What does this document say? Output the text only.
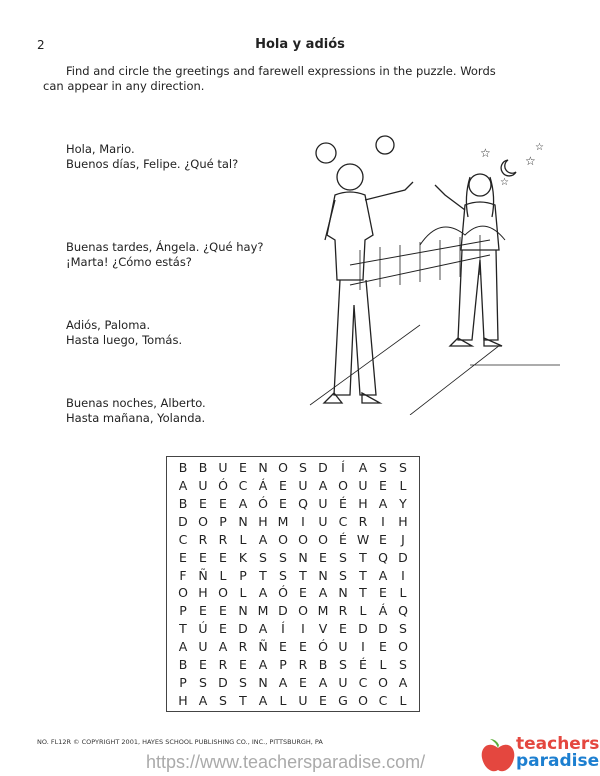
2	Hola y adiós
Find and circle the greetings and farewell expressions in the puzzle. Words can appear in any direction.
Hola, Mario.
Buenos días, Felipe. ¿Qué tal?
Buenas tardes, Ángela. ¿Qué hay?
¡Marta! ¿Cómo estás?
Adiós, Paloma.
Hasta luego, Tomás.
Buenas noches, Alberto.
Hasta mañana, Yolanda.
☆
☆
☆
☆
B B U E N O S D	Í	A S S
A U Ó C Á E U A O U E	L
B E E A Ó E Q U É H A Y
D O P N H M	I	U C R	I	H
C R R L A O O O É W E	J
E E E K S S N E S T Q D
F Ñ L	P T S T N S T A	I
O H O L A Ó E A N T E	L
P E E N M D O M R L Á Q
T Ú E D A	Í	I	V E D D S
A U A R Ñ E E Ó U	I	E O
B E R E A P R B S É	L	S
P S D S N A E A U C O A
H A S T A L U E G O C L
NO. FL12R © COPYRIGHT 2001, HAYES SCHOOL PUBLISHING CO., INC., PITTSBURGH, PA
https://www.teachersparadise.com/
teachers
paradise
